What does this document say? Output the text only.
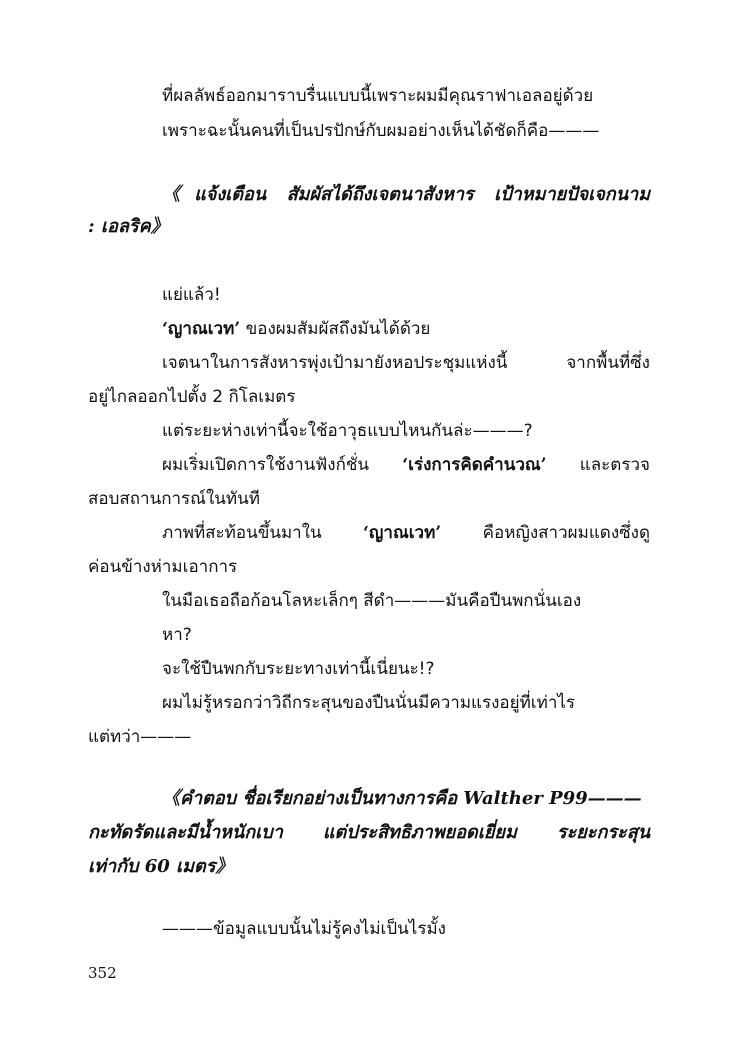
ที่ผลลัพธ์ออกมาราบรื่นแบบนี้เพราะผมมีคุณราฟาเอลอยู่ด้วย
เพราะฉะนั้นคนที่เป็นปรปักษ์กับผมอย่างเห็นได้ชัดก็คือ———
《แจ้งเตือน สัมผัสได้ถึงเจตนาสังหาร เป้าหมายปัจเจกนาม
: เอลริค》
แย่แล้ว!
‘ญาณเวท’ ของผมสัมผัสถึงมันได้ด้วย
เจตนาในการสังหารพุ่งเป้ามายังหอประชุมแห่งนี้ จากพื้นที่ซึ่ง
อยู่ไกลออกไปตั้ง 2 กิโลเมตร
แต่ระยะห่างเท่านี้จะใช้อาวุธแบบไหนกันล่ะ———?
ผมเริ่มเปิดการใช้งานฟังก์ชั่น ‘เร่งการคิดคำนวณ’ และตรวจ
สอบสถานการณ์ในทันที
ภาพที่สะท้อนขึ้นมาใน ‘ญาณเวท’ คือหญิงสาวผมแดงซึ่งดู
ค่อนข้างห่ามเอาการ
ในมือเธอถือก้อนโลหะเล็กๆ สีดำ———มันคือปืนพกนั่นเอง
หา?
จะใช้ปืนพกกับระยะทางเท่านี้เนี่ยนะ!?
ผมไม่รู้หรอกว่าวิถีกระสุนของปืนนั่นมีความแรงอยู่ที่เท่าไร
แต่ทว่า———
《คำตอบ ชื่อเรียกอย่างเป็นทางการคือ Walther P99———
กะทัดรัดและมีน้ำหนักเบา แต่ประสิทธิภาพยอดเยี่ยม ระยะกระสุน
เท่ากับ 60 เมตร》
———ข้อมูลแบบนั้นไม่รู้คงไม่เป็นไรมั้ง
352
